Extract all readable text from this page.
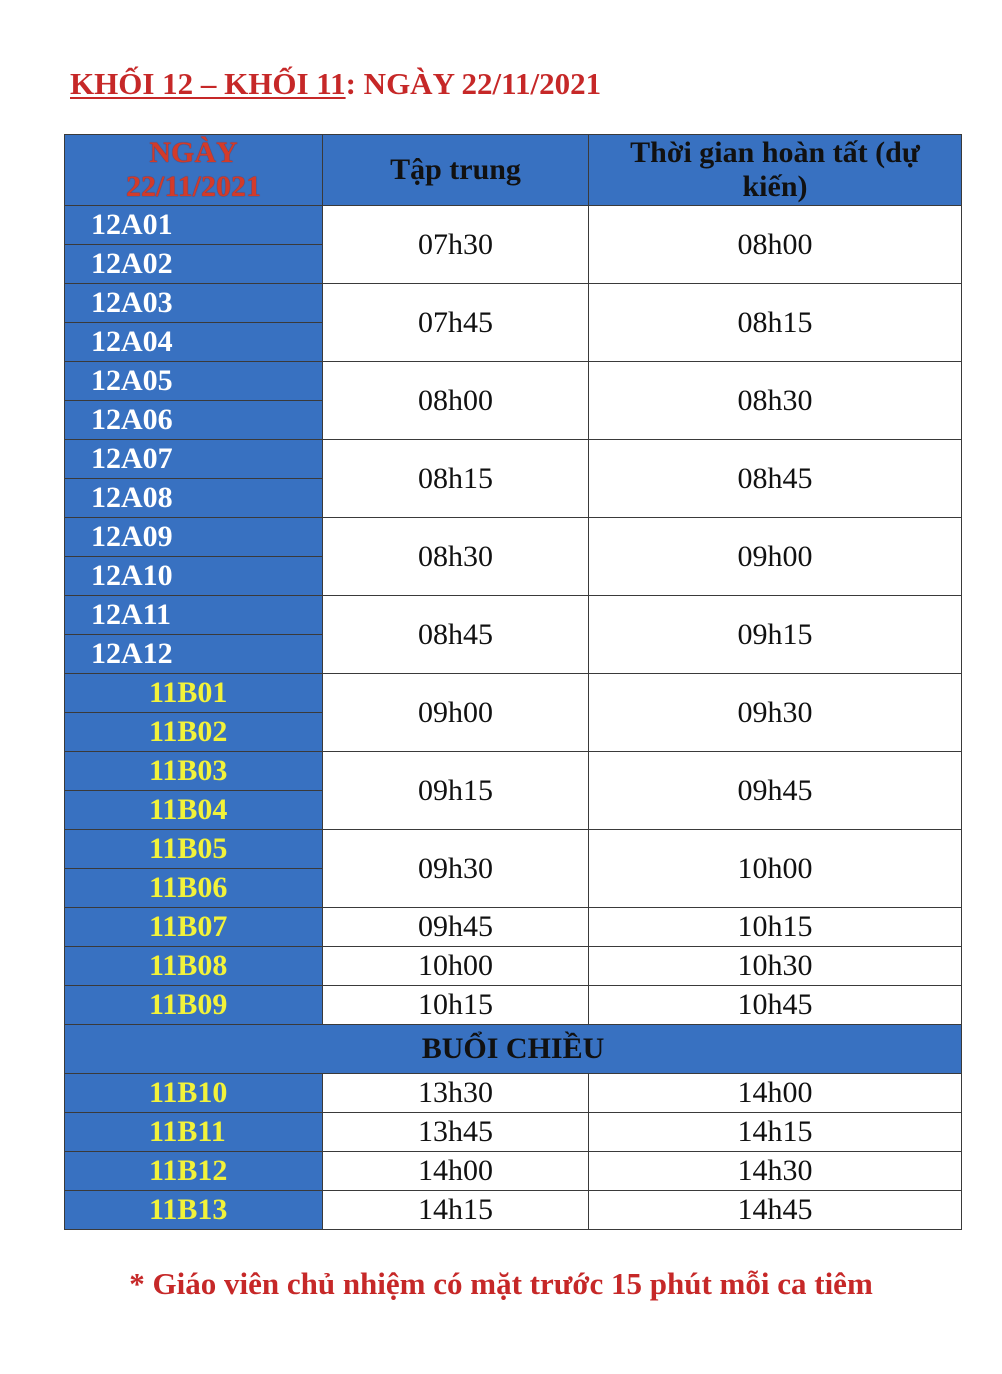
KHỐI 12 – KHỐI 11: NGÀY 22/11/2021
NGÀY
22/11/2021	Tập trung	Thời gian hoàn tất (dự kiến)
12A01	07h30	08h00
12A02		
12A03	07h45	08h15
12A04		
12A05	08h00	08h30
12A06		
12A07	08h15	08h45
12A08		
12A09	08h30	09h00
12A10		
12A11	08h45	09h15
12A12		
11B01	09h00	09h30
11B02		
11B03	09h15	09h45
11B04		
11B05	09h30	10h00
11B06		
11B07	09h45	10h15
11B08	10h00	10h30
11B09	10h15	10h45
BUỔI CHIỀU		
11B10	13h30	14h00
11B11	13h45	14h15
11B12	14h00	14h30
11B13	14h15	14h45
* Giáo viên chủ nhiệm có mặt trước 15 phút mỗi ca tiêm
